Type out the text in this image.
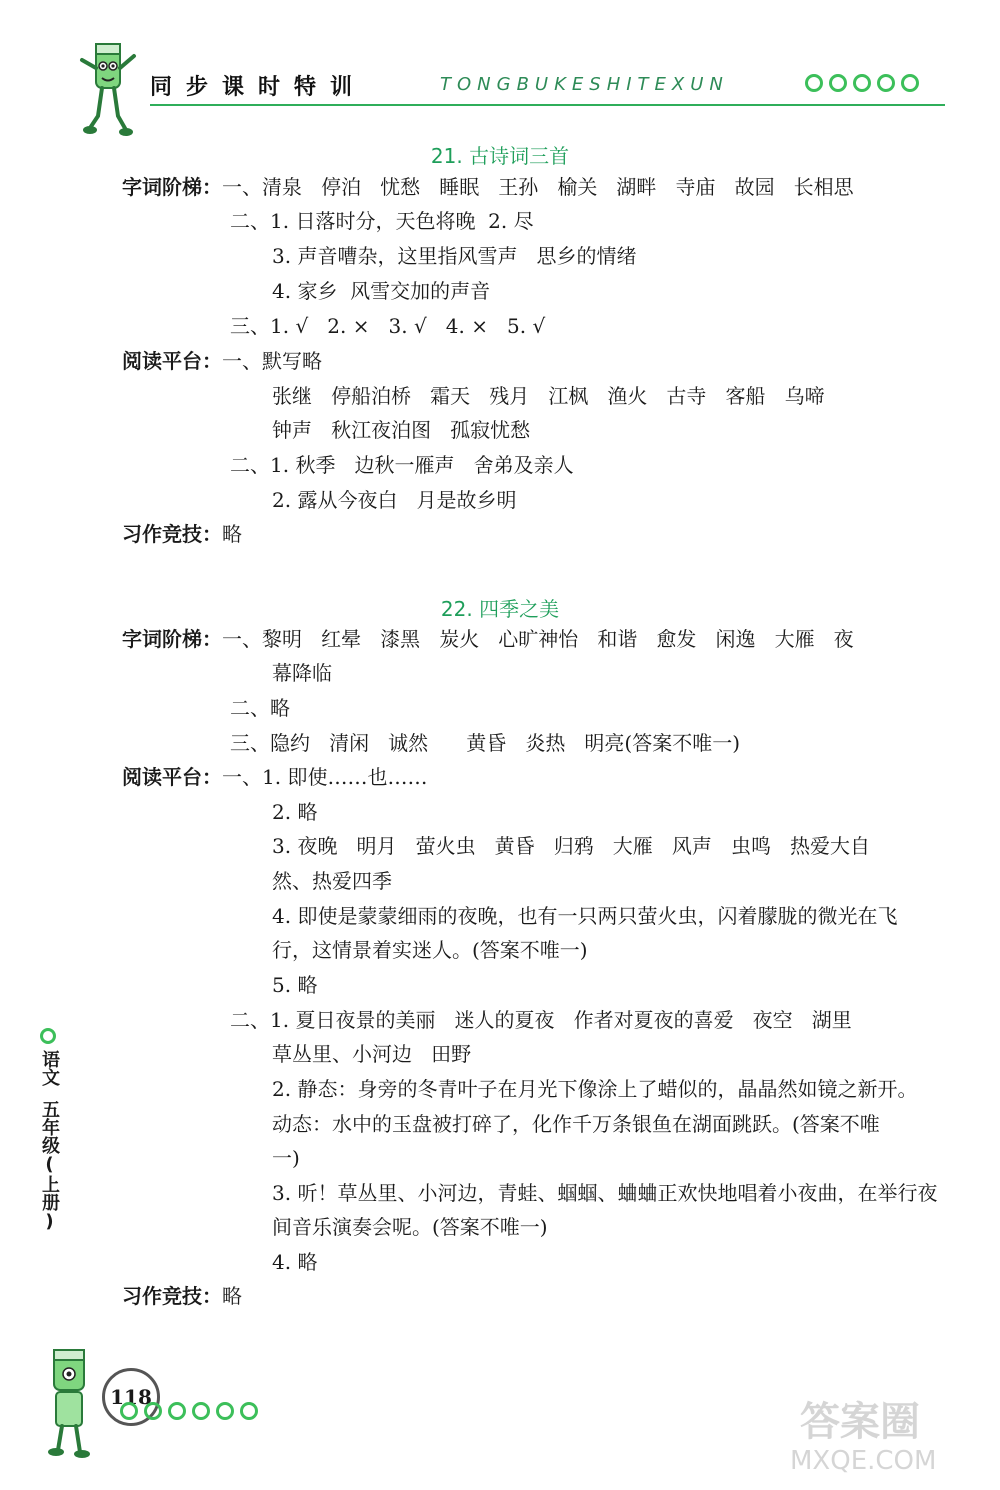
同步课时特训	TONGBUKESHITEXUN
21. 古诗词三首
字词阶梯：一、清泉   停泊   忧愁   睡眠   王孙   榆关   湖畔   寺庙   故园   长相思
二、1. 日落时分，天色将晚  2. 尽
3. 声音嘈杂，这里指风雪声   思乡的情绪
4. 家乡  风雪交加的声音
三、1. √   2. ×   3. √   4. ×   5. √
阅读平台：一、默写略
张继   停船泊桥   霜天   残月   江枫   渔火   古寺   客船   乌啼
钟声   秋江夜泊图   孤寂忧愁
二、1. 秋季   边秋一雁声   舍弟及亲人
2. 露从今夜白   月是故乡明
习作竞技：略
22. 四季之美
字词阶梯：一、黎明   红晕   漆黑   炭火   心旷神怡   和谐   愈发   闲逸   大雁   夜
幕降临
二、略
三、隐约   清闲   诚然      黄昏   炎热   明亮(答案不唯一)
阅读平台：一、1. 即使……也……
2. 略
3. 夜晚   明月   萤火虫   黄昏   归鸦   大雁   风声   虫鸣   热爱大自
然、热爱四季
4. 即使是蒙蒙细雨的夜晚，也有一只两只萤火虫，闪着朦胧的微光在飞
行，这情景着实迷人。(答案不唯一)
5. 略
二、1. 夏日夜景的美丽   迷人的夏夜   作者对夏夜的喜爱   夜空   湖里
草丛里、小河边   田野
2. 静态：身旁的冬青叶子在月光下像涂上了蜡似的，晶晶然如镜之新开。
动态：水中的玉盘被打碎了，化作千万条银鱼在湖面跳跃。(答案不唯
一)
3. 听！草丛里、小河边，青蛙、蝈蝈、蛐蛐正欢快地唱着小夜曲，在举行夜
间音乐演奏会呢。(答案不唯一)
4. 略
习作竞技：略
语文
五年级(上册)
118
答案圈
MXQE.COM
